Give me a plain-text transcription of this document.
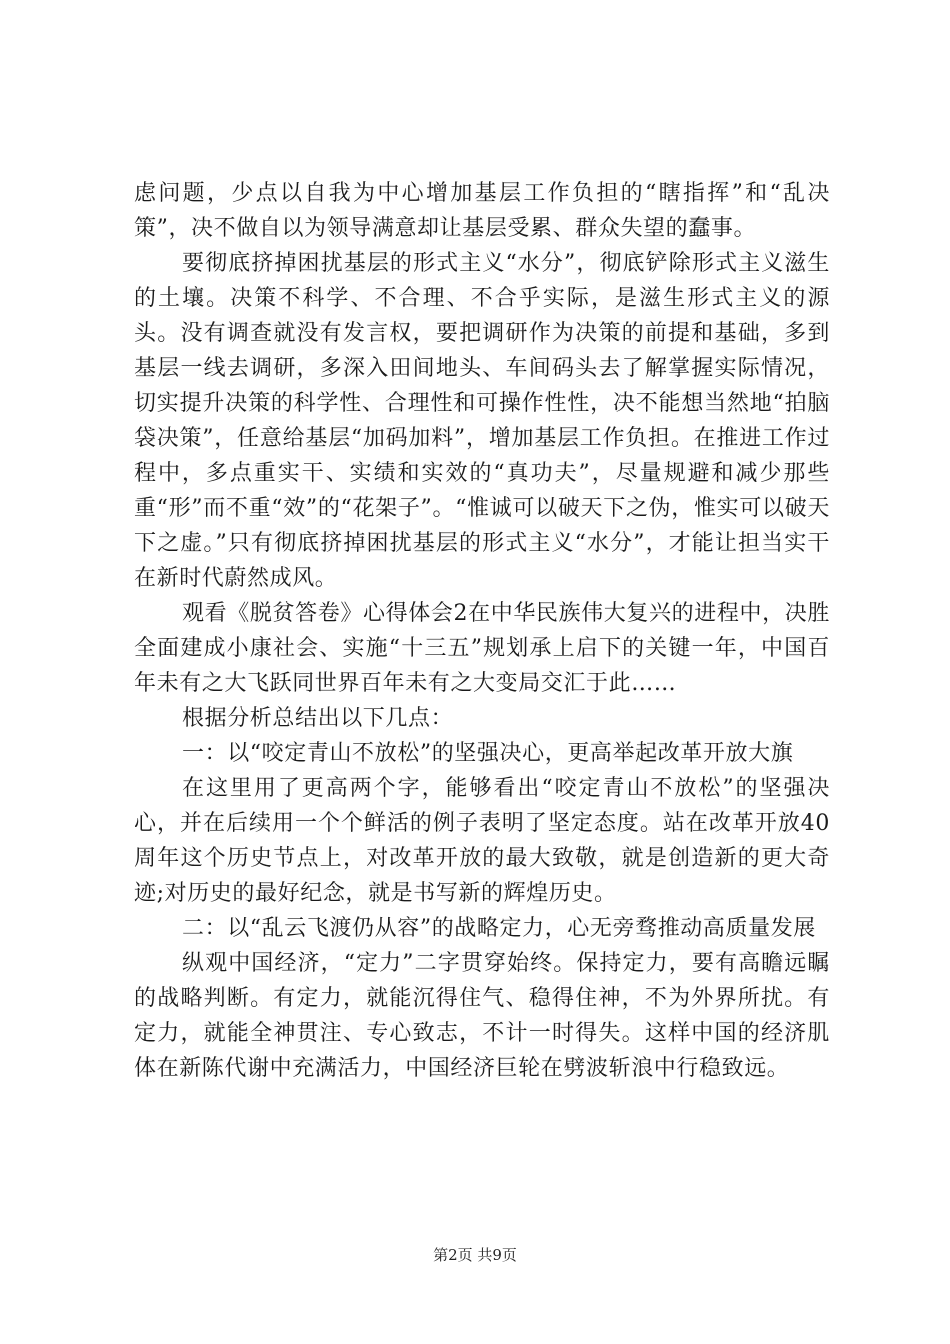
虑问题，少点以自我为中心增加基层工作负担的“瞎指挥”和“乱决策”，决不做自以为领导满意却让基层受累、群众失望的蠢事。

要彻底挤掉困扰基层的形式主义“水分”，彻底铲除形式主义滋生的土壤。决策不科学、不合理、不合乎实际，是滋生形式主义的源头。没有调查就没有发言权，要把调研作为决策的前提和基础，多到基层一线去调研，多深入田间地头、车间码头去了解掌握实际情况，切实提升决策的科学性、合理性和可操作性性，决不能想当然地“拍脑袋决策”，任意给基层“加码加料”，增加基层工作负担。在推进工作过程中，多点重实干、实绩和实效的“真功夫”，尽量规避和减少那些重“形”而不重“效”的“花架子”。“惟诚可以破天下之伪，惟实可以破天下之虚。”只有彻底挤掉困扰基层的形式主义“水分”，才能让担当实干在新时代蔚然成风。

观看《脱贫答卷》心得体会2在中华民族伟大复兴的进程中，决胜全面建成小康社会、实施“十三五”规划承上启下的关键一年，中国百年未有之大飞跃同世界百年未有之大变局交汇于此……

根据分析总结出以下几点：

一：以“咬定青山不放松”的坚强决心，更高举起改革开放大旗

在这里用了更高两个字，能够看出“咬定青山不放松”的坚强决心，并在后续用一个个鲜活的例子表明了坚定态度。站在改革开放40周年这个历史节点上，对改革开放的最大致敬，就是创造新的更大奇迹;对历史的最好纪念，就是书写新的辉煌历史。

二：以“乱云飞渡仍从容”的战略定力，心无旁骛推动高质量发展

纵观中国经济，“定力”二字贯穿始终。保持定力，要有高瞻远瞩的战略判断。有定力，就能沉得住气、稳得住神，不为外界所扰。有定力，就能全神贯注、专心致志，不计一时得失。这样中国的经济肌体在新陈代谢中充满活力，中国经济巨轮在劈波斩浪中行稳致远。

第2页 共9页
